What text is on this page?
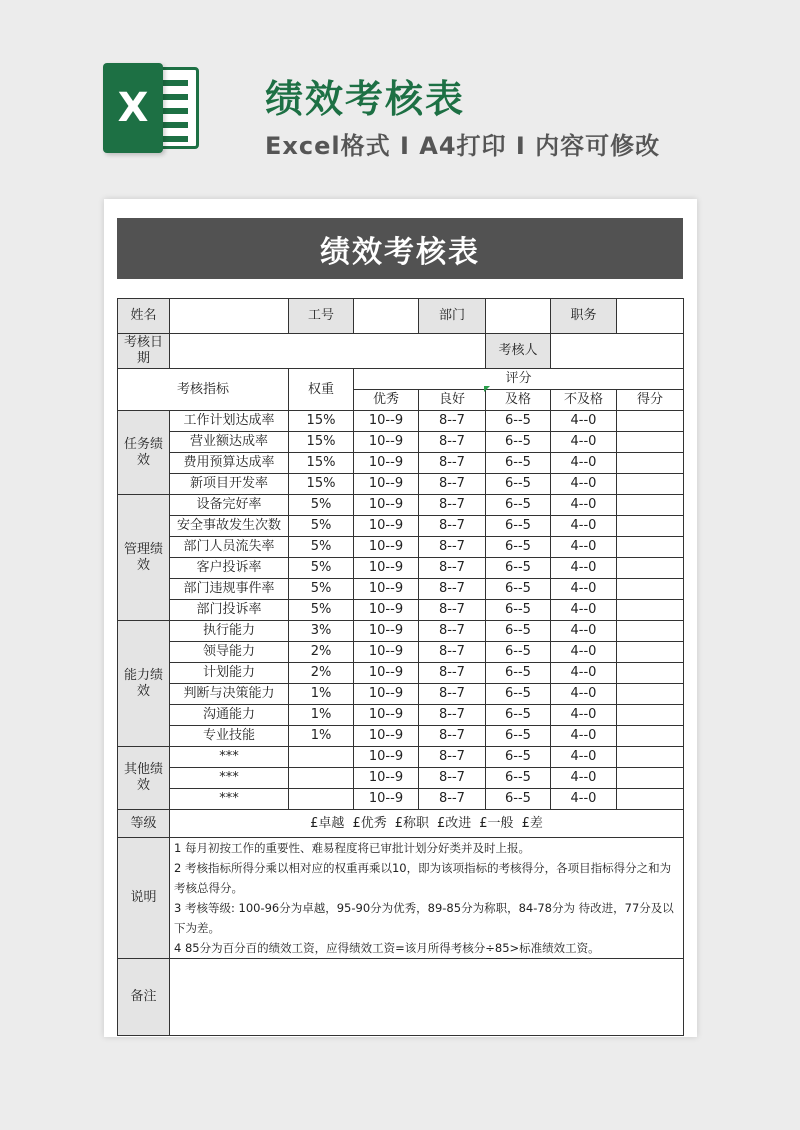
X	绩效考核表
Excel格式 I A4打印 I 内容可修改
绩效考核表
姓名		工号		部门		职务	
考核日期					考核人		
考核指标		权重	评分				
			优秀	良好	及格	不及格	得分
任务绩效	工作计划达成率	15%	10--9	8--7	6--5	4--0	
	营业额达成率	15%	10--9	8--7	6--5	4--0	
	费用预算达成率	15%	10--9	8--7	6--5	4--0	
	新项目开发率	15%	10--9	8--7	6--5	4--0	
管理绩效	设备完好率	5%	10--9	8--7	6--5	4--0	
	安全事故发生次数	5%	10--9	8--7	6--5	4--0	
	部门人员流失率	5%	10--9	8--7	6--5	4--0	
	客户投诉率	5%	10--9	8--7	6--5	4--0	
	部门违规事件率	5%	10--9	8--7	6--5	4--0	
	部门投诉率	5%	10--9	8--7	6--5	4--0	
能力绩效	执行能力	3%	10--9	8--7	6--5	4--0	
	领导能力	2%	10--9	8--7	6--5	4--0	
	计划能力	2%	10--9	8--7	6--5	4--0	
	判断与决策能力	1%	10--9	8--7	6--5	4--0	
	沟通能力	1%	10--9	8--7	6--5	4--0	
	专业技能	1%	10--9	8--7	6--5	4--0	
其他绩效	***		10--9	8--7	6--5	4--0	
	***		10--9	8--7	6--5	4--0	
	***		10--9	8--7	6--5	4--0	
等级	£卓越 £优秀 £称职 £改进 £一般 £差						
说明	1 每月初按工作的重要性、难易程度将已审批计划分好类并及时上报。
2 考核指标所得分乘以相对应的权重再乘以10，即为该项指标的考核得分，各项目指标得分之和为考核总得分。
3 考核等级: 100-96分为卓越，95-90分为优秀，89-85分为称职，84-78分为 待改进，77分及以下为差。
4 85分为百分百的绩效工资，应得绩效工资=该月所得考核分÷85>标准绩效工资。						

备注							
